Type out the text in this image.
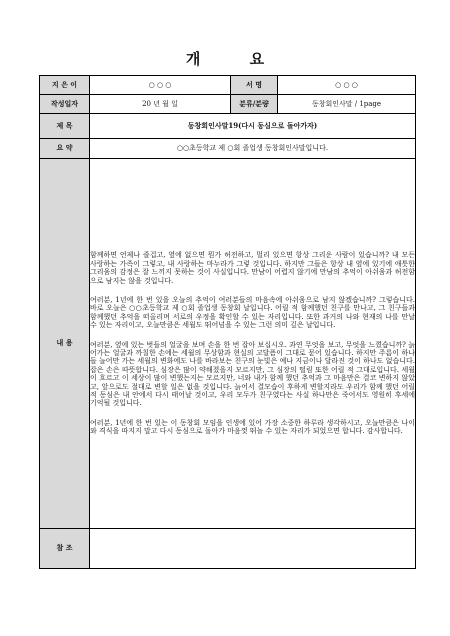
개 요
지 은 이	○ ○ ○	서 명	○ ○ ○
작성일자	20 년 월 일	분류/분량	동창회인사말 / 1page
제 목	동창회인사말19(다시 동심으로 돌아가자)		
요 약	○○초등학교 제 ○회 졸업생 동창회인사말입니다.		
내 용	함께하면 언제나 즐겁고, 옆에 없으면 뭔가 허전하고, 멀리 있으면 항상 그리운 사람이 있습니까? 내 모든 사랑하는 가족이 그렇고, 내 사랑하는 마누라가 그렇 것입니다. 하지만 그들은 항상 내 옆에 있기에 애틋한 그리움의 감정은 잘 느끼지 못하는 것이 사실입니다. 만남이 어렵지 않기에 만남의 추억이 아쉬움과 허전함으로 남지는 않을 것입니다.

여러분, 1년에 한 번 있을 오늘의 추억이 여러분들의 마음속에 아쉬움으로 남지 않겠습니까? 그렇습니다. 바로 오늘은 ○○초등학교 제 ○회 졸업생 동창회 날입니다. 어릴 적 함께했던 친구를 만나고, 그 친구들과 함께했던 추억을 떠올리며 서로의 우정을 확인할 수 있는 자리입니다. 또한 과거의 나와 현재의 나를 만날 수 있는 자리이고, 오늘만큼은 세월도 뛰어넘을 수 있는 그런 의미 깊은 날입니다.

여러분, 옆에 있는 벗들의 얼굴을 보며 손을 한 번 잡아 보십시오. 과연 무엇을 보고, 무엇을 느꼈습니까? 늙어가는 얼굴과 까칠한 손에는 세월의 무상함과 현실의 고달픔이 그대로 묻어 있습니다. 하지만 주름이 하나들 늘어만 가는 세월의 변화에도 나를 바라보는 친구의 눈빛은 예나 지금이나 달라진 것이 하나도 없습니다. 잡은 손은 따뜻합니다. 심장은 많이 약해졌을지 모르지만, 그 심장의 떨림 또한 어릴 적 그대로입니다. 세월이 흐르고 이 세상이 많이 변했는지는 모르지만, 너와 내가 함께 했던 추억과 그 마음만은 결코 변하지 않았고, 앞으로도 절대로 변할 일은 없을 것입니다. 늙어서 결모습이 후하게 변할지라도 우리가 함께 했던 어릴 적 동심은 내 안에서 다시 태어날 것이고, 우리 모두가 친구였다는 사실 하나만은 죽어서도 영원히 후세에 기억될 것입니다.

여러분, 1년에 한 번 있는 이 동창회 모임을 인생에 있어 가장 소중한 하루라 생각하시고, 오늘만큼은 나이와 격식을 따지지 말고 다시 동심으로 돌아가 마음껏 뛰놀 수 있는 자리가 되었으면 합니다. 감사합니다.		

참 조			
